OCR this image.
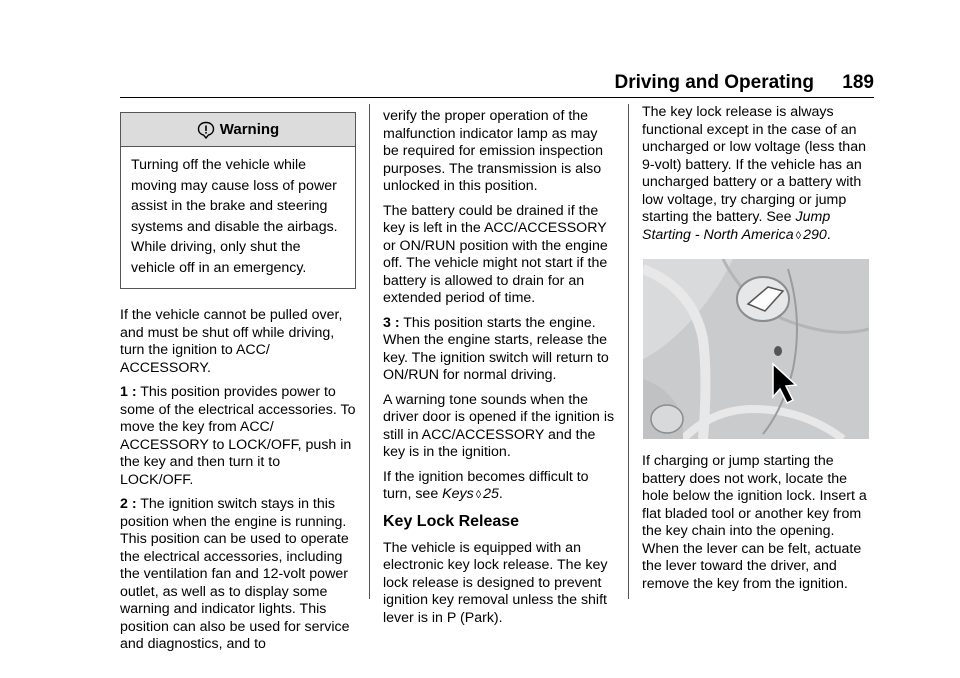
Driving and Operating 189
Warning
Turning off the vehicle while
moving may cause loss of power
assist in the brake and steering
systems and disable the airbags.
While driving, only shut the
vehicle off in an emergency.

If the vehicle cannot be pulled over, and must be shut off while driving, turn the ignition to ACC/ ACCESSORY.

1 : This position provides power to some of the electrical accessories. To move the key from ACC/ ACCESSORY to LOCK/OFF, push in the key and then turn it to LOCK/OFF.

2 : The ignition switch stays in this position when the engine is running. This position can be used to operate the electrical accessories, including the ventilation fan and 12‑volt power outlet, as well as to display some warning and indicator lights. This position can also be used for service and diagnostics, and to

verify the proper operation of the malfunction indicator lamp as may be required for emission inspection purposes. The transmission is also unlocked in this position.

The battery could be drained if the key is left in the ACC/ACCESSORY or ON/RUN position with the engine off. The vehicle might not start if the battery is allowed to drain for an extended period of time.

3 : This position starts the engine. When the engine starts, release the key. The ignition switch will return to ON/RUN for normal driving.

A warning tone sounds when the driver door is opened if the ignition is still in ACC/ACCESSORY and the key is in the ignition.

If the ignition becomes difficult to turn, see Keys ◊ 25.

Key Lock Release

The vehicle is equipped with an electronic key lock release. The key lock release is designed to prevent ignition key removal unless the shift lever is in P (Park).

The key lock release is always functional except in the case of an uncharged or low voltage (less than 9‑volt) battery. If the vehicle has an uncharged battery or a battery with low voltage, try charging or jump starting the battery. See Jump Starting - North America ◊ 290.

If charging or jump starting the battery does not work, locate the hole below the ignition lock. Insert a flat bladed tool or another key from the key chain into the opening. When the lever can be felt, actuate the lever toward the driver, and remove the key from the ignition.
